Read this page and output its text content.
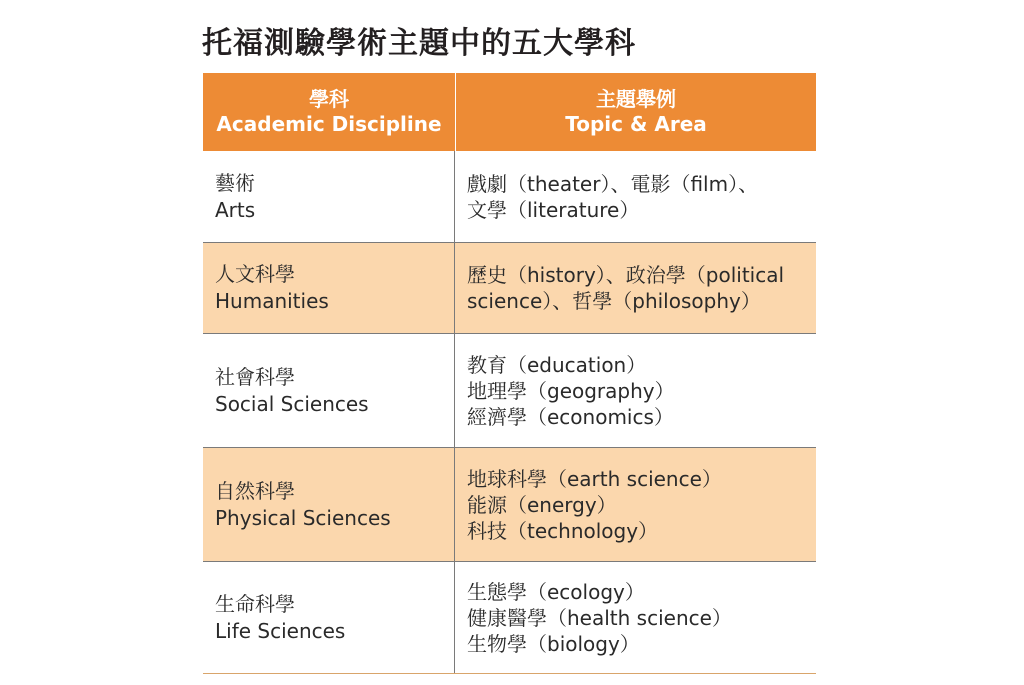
托福測驗學術主題中的五大學科
學科
Academic Discipline
主題舉例
Topic & Area
藝術
Arts
戲劇（theater）、電影（film）、
文學（literature）
人文科學
Humanities
歷史（history）、政治學（political
science）、哲學（philosophy）
社會科學
Social Sciences
教育（education）
地理學（geography）
經濟學（economics）
自然科學
Physical Sciences
地球科學（earth science）
能源（energy）
科技（technology）
生命科學
Life Sciences
生態學（ecology）
健康醫學（health science）
生物學（biology）
